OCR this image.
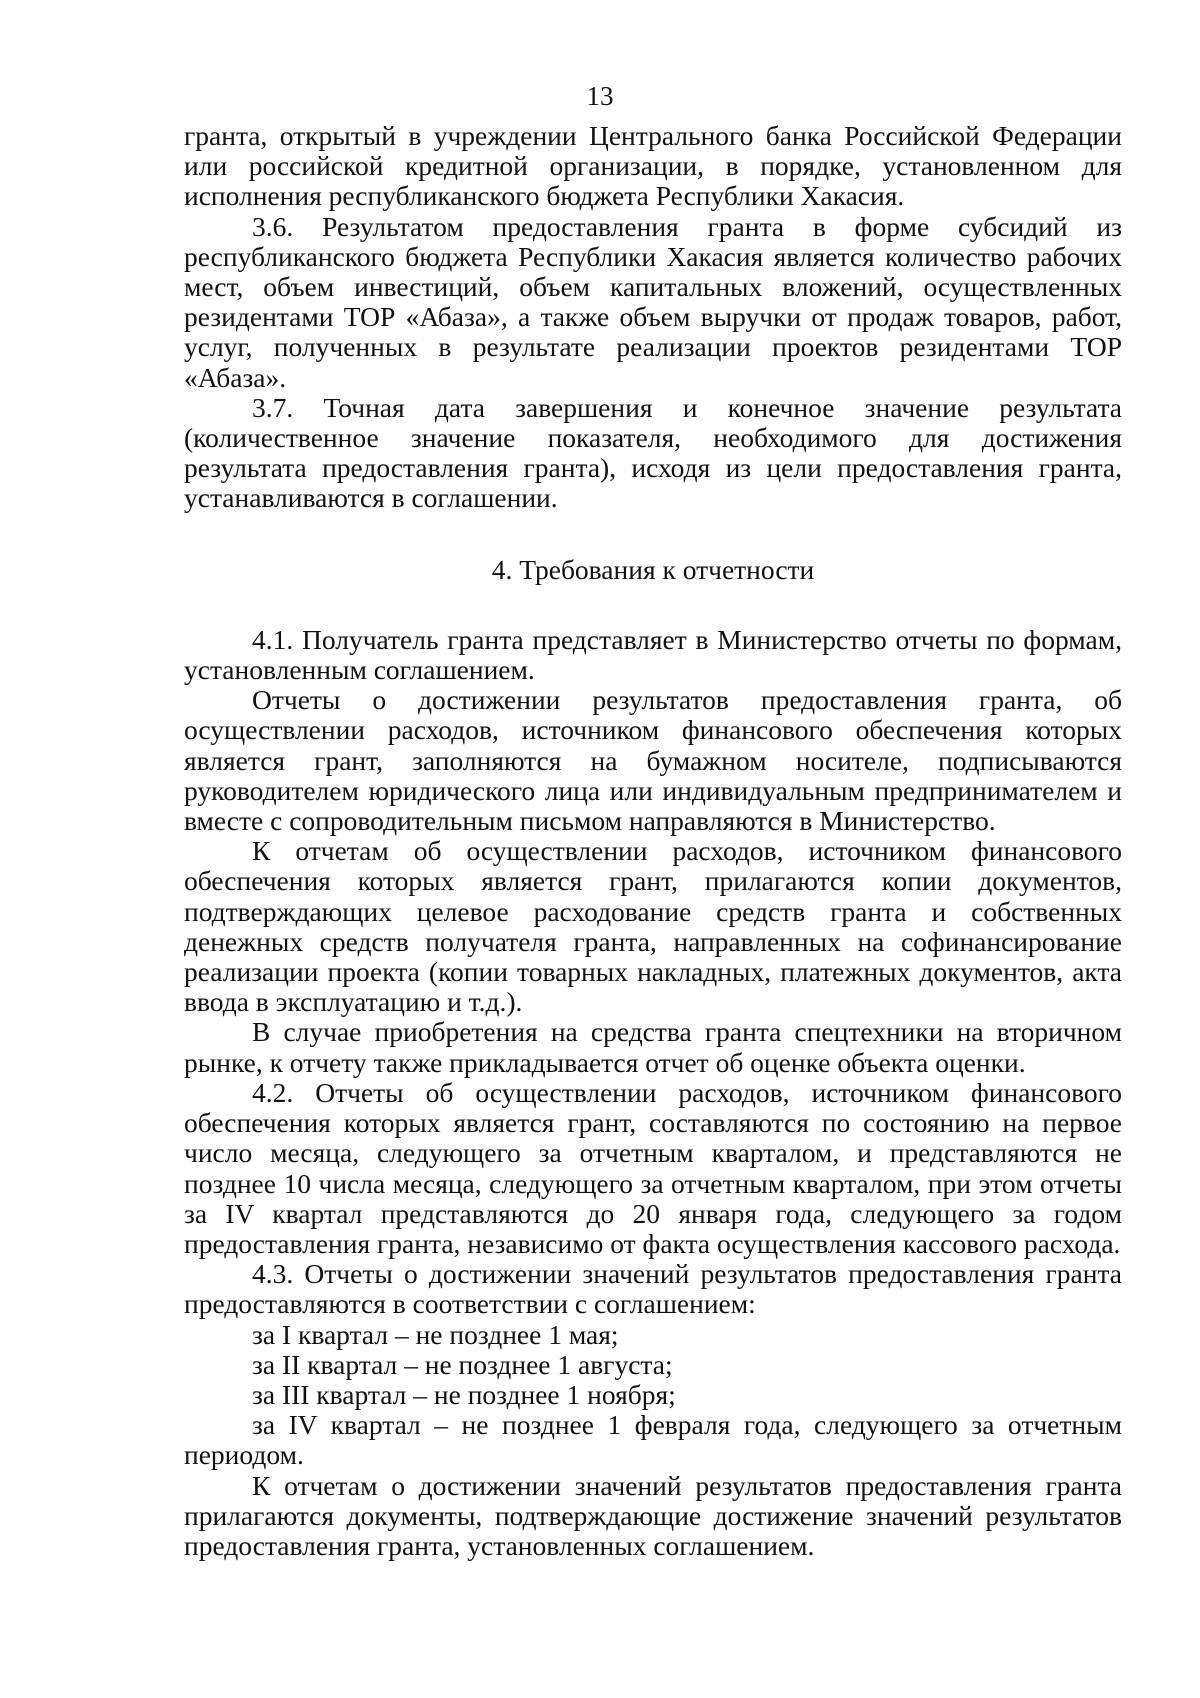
13

гранта, открытый в учреждении Центрального банка Российской Федерации или российской кредитной организации, в порядке, установленном для исполнения республиканского бюджета Республики Хакасия.

3.6. Результатом предоставления гранта в форме субсидий из республиканского бюджета Республики Хакасия является количество рабочих мест, объем инвестиций, объем капитальных вложений, осуществленных резидентами ТОР «Абаза», а также объем выручки от продаж товаров, работ, услуг, полученных в результате реализации проектов резидентами ТОР «Абаза».

3.7. Точная дата завершения и конечное значение результата (количественное значение показателя, необходимого для достижения результата предоставления гранта), исходя из цели предоставления гранта, устанавливаются в соглашении.

4. Требования к отчетности

4.1. Получатель гранта представляет в Министерство отчеты по формам, установленным соглашением.

Отчеты о достижении результатов предоставления гранта, об осуществлении расходов, источником финансового обеспечения которых является грант, заполняются на бумажном носителе, подписываются руководителем юридического лица или индивидуальным предпринимателем и вместе с сопроводительным письмом направляются в Министерство.

К отчетам об осуществлении расходов, источником финансового обеспечения которых является грант, прилагаются копии документов, подтверждающих целевое расходование средств гранта и собственных денежных средств получателя гранта, направленных на софинансирование реализации проекта (копии товарных накладных, платежных документов, акта ввода в эксплуатацию и т.д.).

В случае приобретения на средства гранта спецтехники на вторичном рынке, к отчету также прикладывается отчет об оценке объекта оценки.

4.2. Отчеты об осуществлении расходов, источником финансового обеспечения которых является грант, составляются по состоянию на первое число месяца, следующего за отчетным кварталом, и представляются не позднее 10 числа месяца, следующего за отчетным кварталом, при этом отчеты за IV квартал представляются до 20 января года, следующего за годом предоставления гранта, независимо от факта осуществления кассового расхода.

4.3. Отчеты о достижении значений результатов предоставления гранта предоставляются в соответствии с соглашением:

за I квартал – не позднее 1 мая;

за II квартал – не позднее 1 августа;

за III квартал – не позднее 1 ноября;

за IV квартал – не позднее 1 февраля года, следующего за отчетным периодом.

К отчетам о достижении значений результатов предоставления гранта прилагаются документы, подтверждающие достижение значений результатов предоставления гранта, установленных соглашением.
